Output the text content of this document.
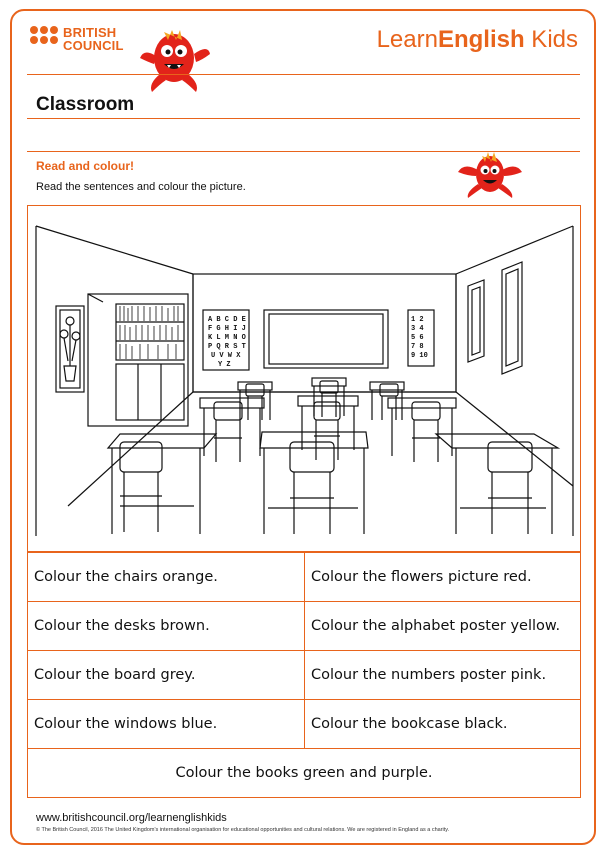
BRITISH
COUNCIL	LearnEnglish Kids
Classroom
Read and colour!
Read the sentences and colour the picture.
A B C D E
F G H I J
K L M N O
P Q R S T
U V W X
Y Z
1 2
3 4
5 6
7 8
9 10
Colour the chairs orange.	Colour the flowers picture red.
Colour the desks brown.	Colour the alphabet poster yellow.
Colour the board grey.	Colour the numbers poster pink.
Colour the windows blue.	Colour the bookcase black.
Colour the books green and purple.	
www.britishcouncil.org/learnenglishkids
© The British Council, 2016 The United Kingdom's international organisation for educational opportunities and cultural relations. We are registered in England as a charity.
